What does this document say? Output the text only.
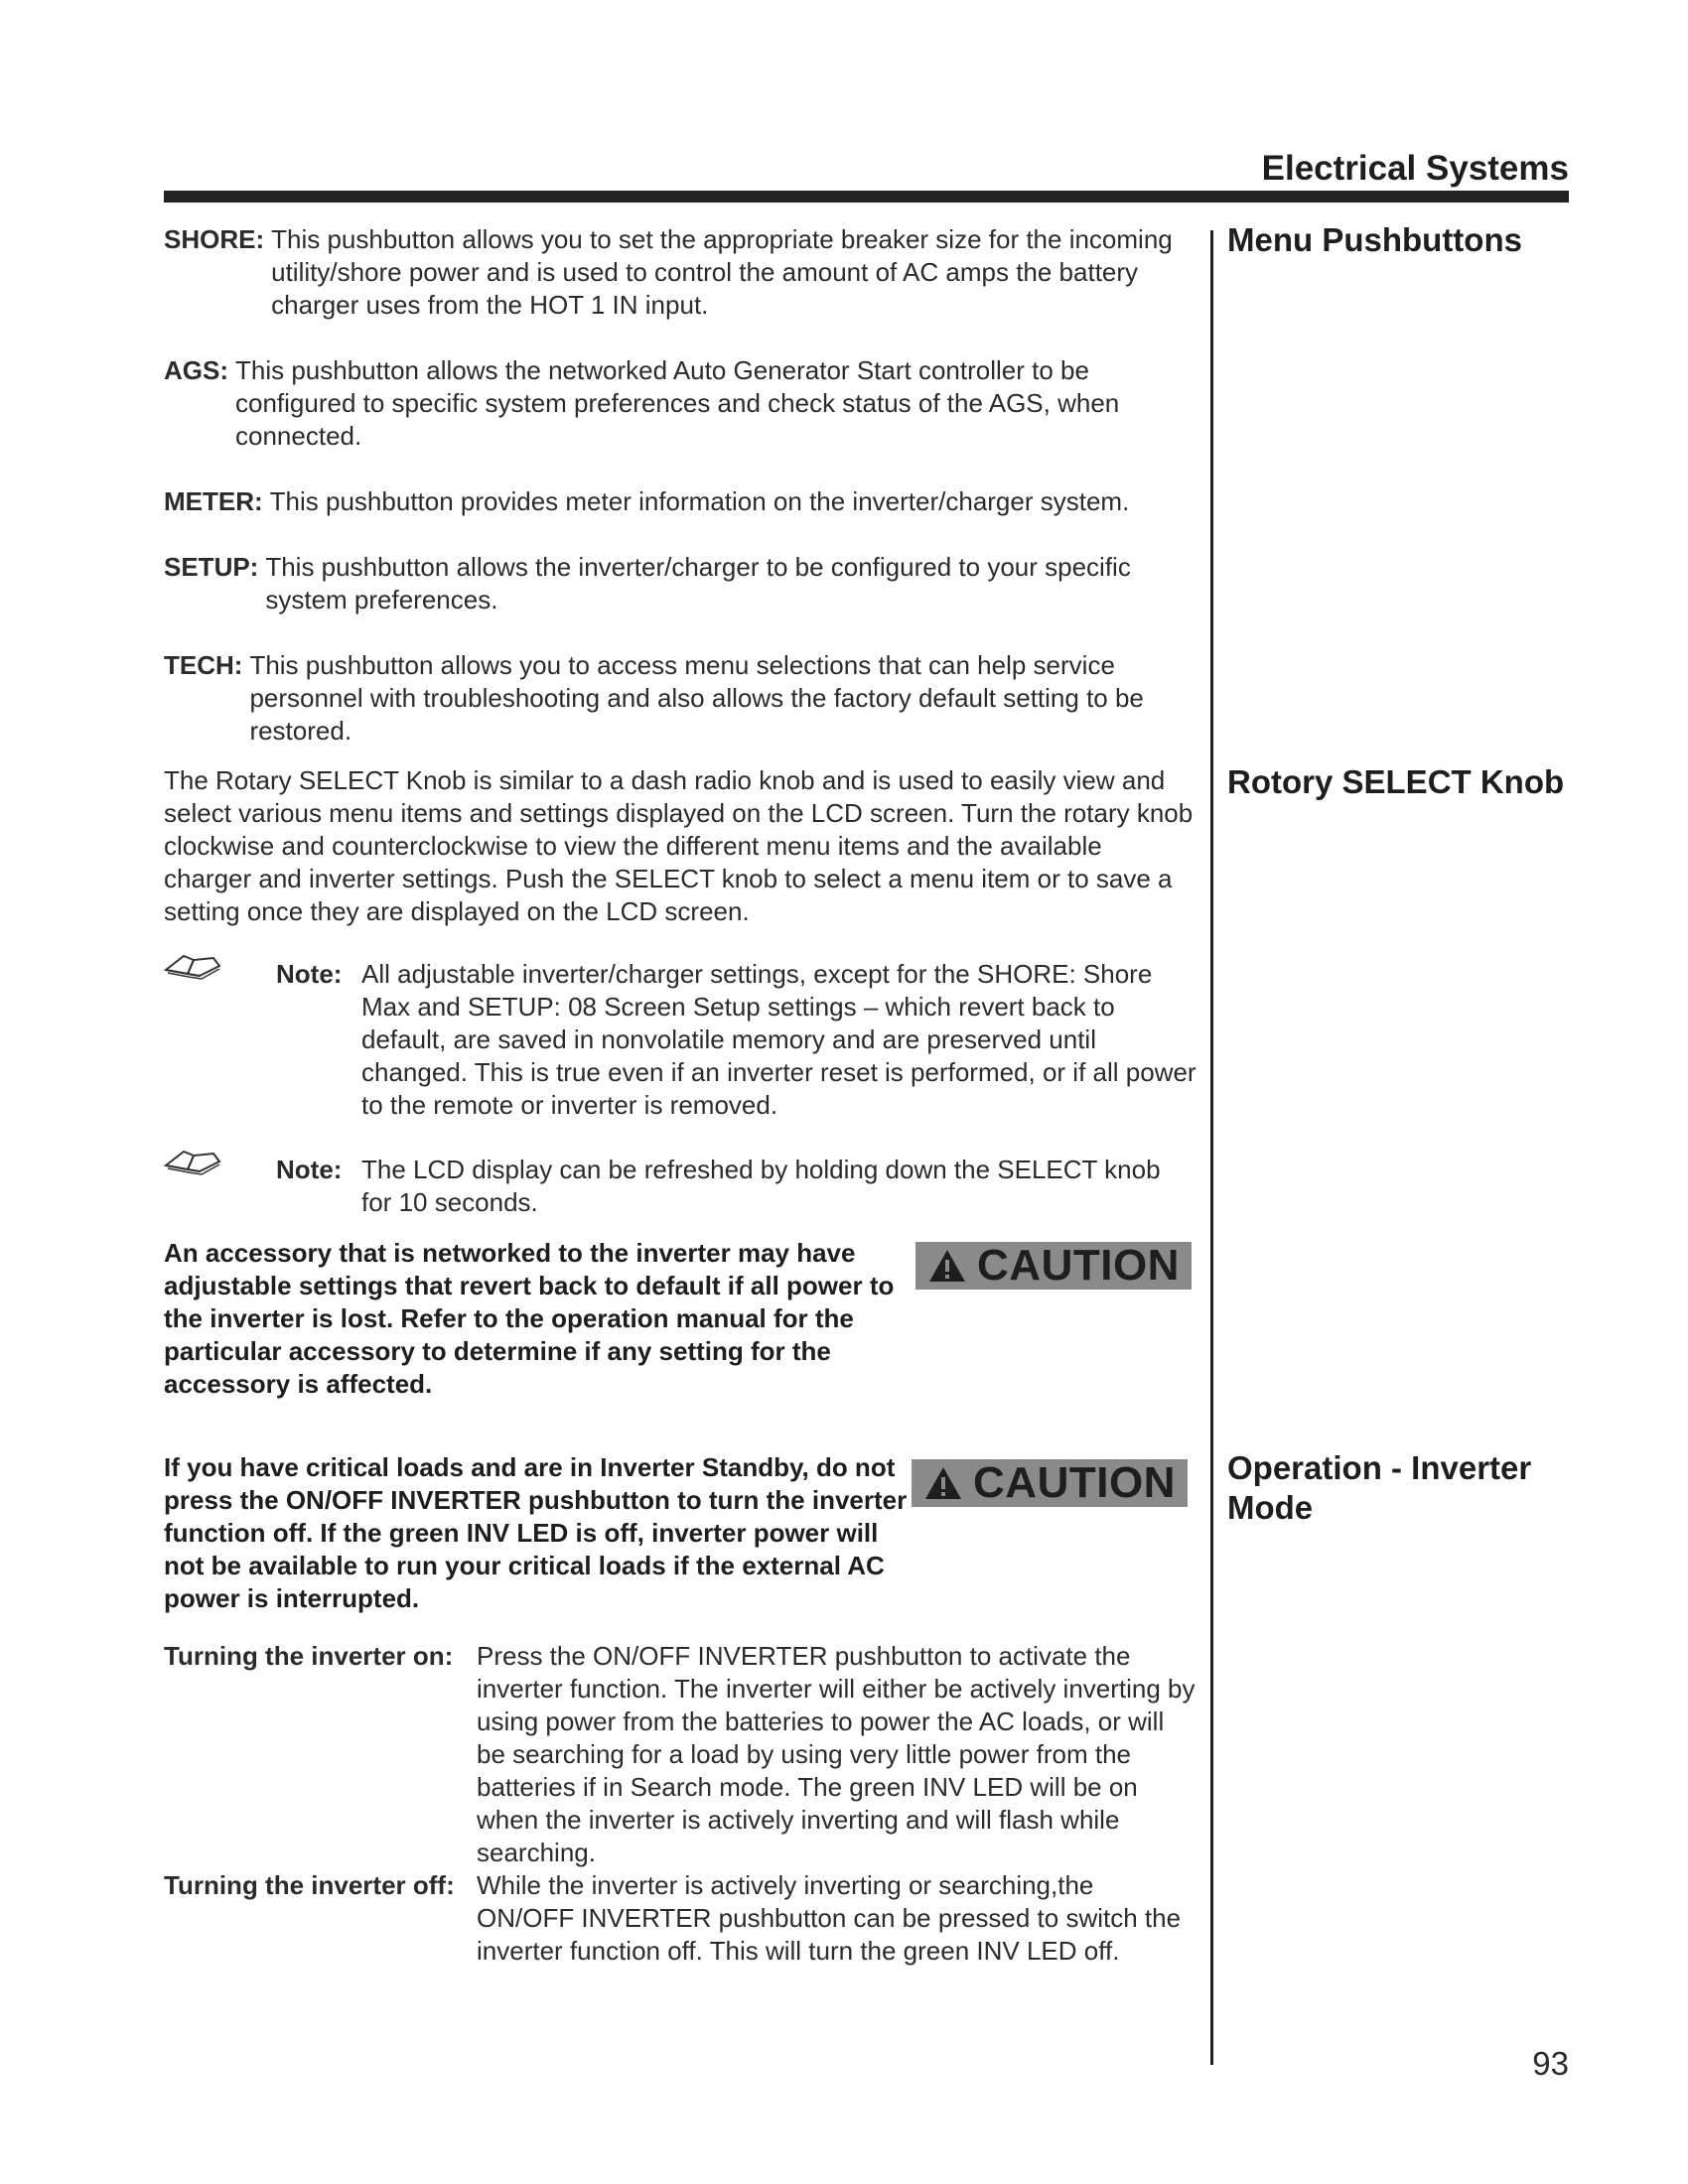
Electrical Systems
Menu Pushbuttons
Rotory SELECT Knob
Operation - Inverter Mode
SHORE: This pushbutton allows you to set the appropriate breaker size for the incoming utility/shore power and is used to control the amount of AC amps the battery charger uses from the HOT 1 IN input.
AGS: This pushbutton allows the networked Auto Generator Start controller to be configured to specific system preferences and check status of the AGS, when connected.
METER: This pushbutton provides meter information on the inverter/charger system.
SETUP: This pushbutton allows the inverter/charger to be configured to your specific system preferences.
TECH: This pushbutton allows you to access menu selections that can help service personnel with troubleshooting and also allows the factory default setting to be restored.
The Rotary SELECT Knob is similar to a dash radio knob and is used to easily view and select various menu items and settings displayed on the LCD screen. Turn the rotary knob clockwise and counterclockwise to view the different menu items and the available charger and inverter settings. Push the SELECT knob to select a menu item or to save a setting once they are displayed on the LCD screen.
Note: All adjustable inverter/charger settings, except for the SHORE: Shore Max and SETUP: 08 Screen Setup settings – which revert back to default, are saved in nonvolatile memory and are preserved until changed. This is true even if an inverter reset is performed, or if all power to the remote or inverter is removed.
Note: The LCD display can be refreshed by holding down the SELECT knob for 10 seconds.
An accessory that is networked to the inverter may have adjustable settings that revert back to default if all power to the inverter is lost. Refer to the operation manual for the particular accessory to determine if any setting for the accessory is affected.
CAUTION
If you have critical loads and are in Inverter Standby, do not press the ON/OFF INVERTER pushbutton to turn the inverter function off. If the green INV LED is off, inverter power will not be available to run your critical loads if the external AC power is interrupted.
CAUTION
Turning the inverter on: Press the ON/OFF INVERTER pushbutton to activate the inverter function. The inverter will either be actively inverting by using power from the batteries to power the AC loads, or will be searching for a load by using very little power from the batteries if in Search mode. The green INV LED will be on when the inverter is actively inverting and will flash while searching.
Turning the inverter off: While the inverter is actively inverting or searching,the ON/OFF INVERTER pushbutton can be pressed to switch the inverter function off. This will turn the green INV LED off.
93
